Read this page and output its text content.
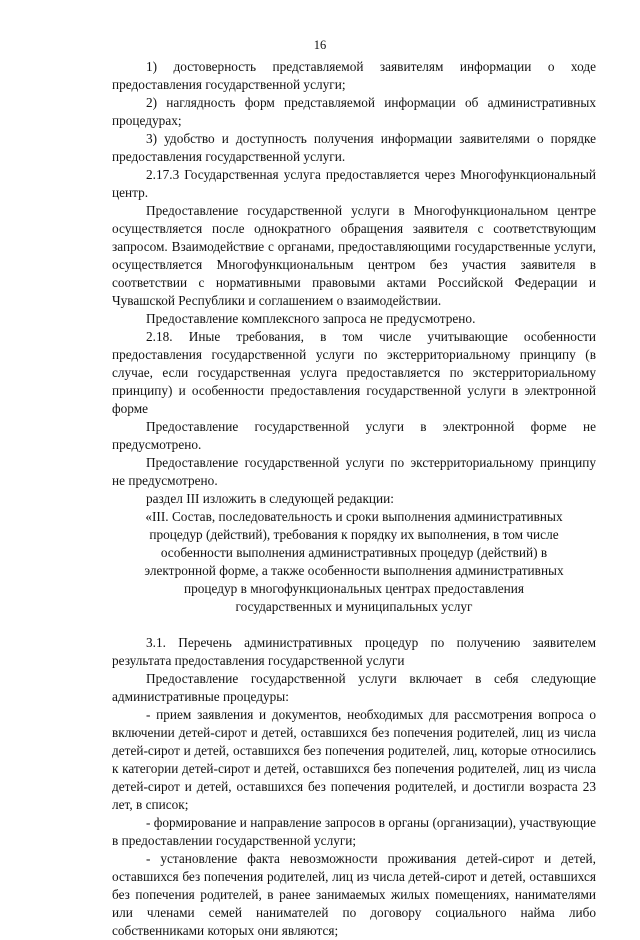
16

1) достоверность представляемой заявителям информации о ходе предоставления государственной услуги;

2) наглядность форм представляемой информации об административных процедурах;

3) удобство и доступность получения информации заявителями о порядке предоставления государственной услуги.

2.17.3 Государственная услуга предоставляется через Многофункциональный центр.

Предоставление государственной услуги в Многофункциональном центре осуществляется после однократного обращения заявителя с соответствующим запросом. Взаимодействие с органами, предоставляющими государственные услуги, осуществляется Многофункциональным центром без участия заявителя в соответствии с нормативными правовыми актами Российской Федерации и Чувашской Республики и соглашением о взаимодействии.

Предоставление комплексного запроса не предусмотрено.

2.18. Иные требования, в том числе учитывающие особенности предоставления государственной услуги по экстерриториальному принципу (в случае, если государственная услуга предоставляется по экстерриториальному принципу) и особенности предоставления государственной услуги в электронной форме

Предоставление государственной услуги в электронной форме не предусмотрено.

Предоставление государственной услуги по экстерриториальному принципу не предусмотрено.

раздел III изложить в следующей редакции:

«III. Состав, последовательность и сроки выполнения административных процедур (действий), требования к порядку их выполнения, в том числе особенности выполнения административных процедур (действий) в электронной форме, а также особенности выполнения административных процедур в многофункциональных центрах предоставления государственных и муниципальных услуг

3.1. Перечень административных процедур по получению заявителем результата предоставления государственной услуги

Предоставление государственной услуги включает в себя следующие административные процедуры:

- прием заявления и документов, необходимых для рассмотрения вопроса о включении детей-сирот и детей, оставшихся без попечения родителей, лиц из числа детей-сирот и детей, оставшихся без попечения родителей, лиц, которые относились к категории детей-сирот и детей, оставшихся без попечения родителей, лиц из числа детей-сирот и детей, оставшихся без попечения родителей, и достигли возраста 23 лет, в список;

- формирование и направление запросов в органы (организации), участвующие в предоставлении государственной услуги;

- установление факта невозможности проживания детей-сирот и детей, оставшихся без попечения родителей, лиц из числа детей-сирот и детей, оставшихся без попечения родителей, в ранее занимаемых жилых помещениях, нанимателями или членами семей нанимателей по договору социального найма либо собственниками которых они являются;
